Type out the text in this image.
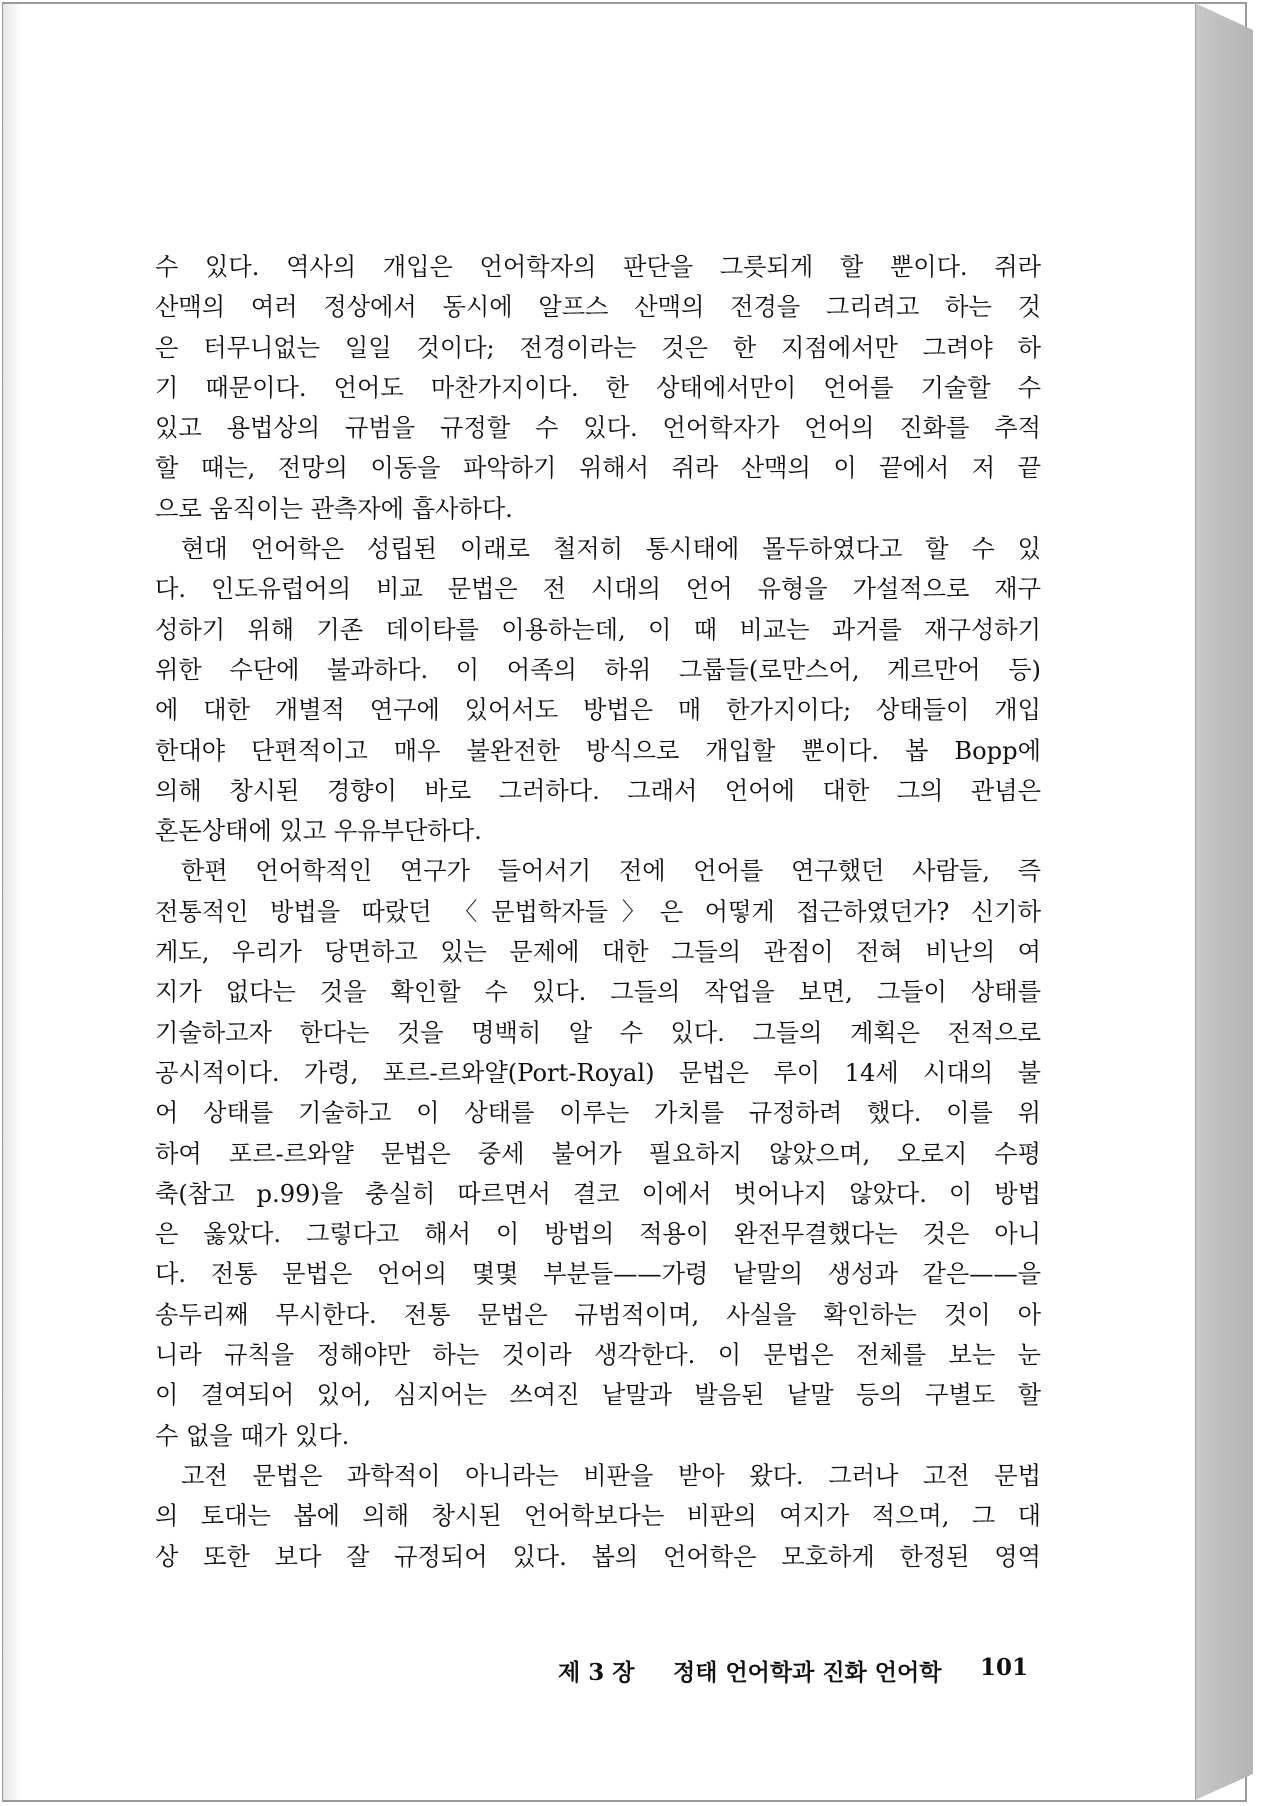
수 있다. 역사의 개입은 언어학자의 판단을 그릇되게 할 뿐이다. 쥐라
산맥의 여러 정상에서 동시에 알프스 산맥의 전경을 그리려고 하는 것
은 터무니없는 일일 것이다; 전경이라는 것은 한 지점에서만 그려야 하
기 때문이다. 언어도 마찬가지이다. 한 상태에서만이 언어를 기술할 수
있고 용법상의 규범을 규정할 수 있다. 언어학자가 언어의 진화를 추적
할 때는, 전망의 이동을 파악하기 위해서 쥐라 산맥의 이 끝에서 저 끝
으로 움직이는 관측자에 흡사하다.
현대 언어학은 성립된 이래로 철저히 통시태에 몰두하였다고 할 수 있
다. 인도유럽어의 비교 문법은 전 시대의 언어 유형을 가설적으로 재구
성하기 위해 기존 데이타를 이용하는데, 이 때 비교는 과거를 재구성하기
위한 수단에 불과하다. 이 어족의 하위 그룹들(로만스어, 게르만어 등)
에 대한 개별적 연구에 있어서도 방법은 매 한가지이다; 상태들이 개입
한대야 단편적이고 매우 불완전한 방식으로 개입할 뿐이다. 봅 Bopp에
의해 창시된 경향이 바로 그러하다. 그래서 언어에 대한 그의 관념은
혼돈상태에 있고 우유부단하다.
한편 언어학적인 연구가 들어서기 전에 언어를 연구했던 사람들, 즉
전통적인 방법을 따랐던 〈문법학자들〉은 어떻게 접근하였던가? 신기하
게도, 우리가 당면하고 있는 문제에 대한 그들의 관점이 전혀 비난의 여
지가 없다는 것을 확인할 수 있다. 그들의 작업을 보면, 그들이 상태를
기술하고자 한다는 것을 명백히 알 수 있다. 그들의 계획은 전적으로
공시적이다. 가령, 포르-르와얄(Port-Royal) 문법은 루이 14세 시대의 불
어 상태를 기술하고 이 상태를 이루는 가치를 규정하려 했다. 이를 위
하여 포르-르와얄 문법은 중세 불어가 필요하지 않았으며, 오로지 수평
축(참고 p.99)을 충실히 따르면서 결코 이에서 벗어나지 않았다. 이 방법
은 옳았다. 그렇다고 해서 이 방법의 적용이 완전무결했다는 것은 아니
다. 전통 문법은 언어의 몇몇 부분들——가령 낱말의 생성과 같은——을
송두리째 무시한다. 전통 문법은 규범적이며, 사실을 확인하는 것이 아
니라 규칙을 정해야만 하는 것이라 생각한다. 이 문법은 전체를 보는 눈
이 결여되어 있어, 심지어는 쓰여진 낱말과 발음된 낱말 등의 구별도 할
수 없을 때가 있다.
고전 문법은 과학적이 아니라는 비판을 받아 왔다. 그러나 고전 문법
의 토대는 봅에 의해 창시된 언어학보다는 비판의 여지가 적으며, 그 대
상 또한 보다 잘 규정되어 있다. 봅의 언어학은 모호하게 한정된 영역
제 3 장 정태 언어학과 진화 언어학 101
